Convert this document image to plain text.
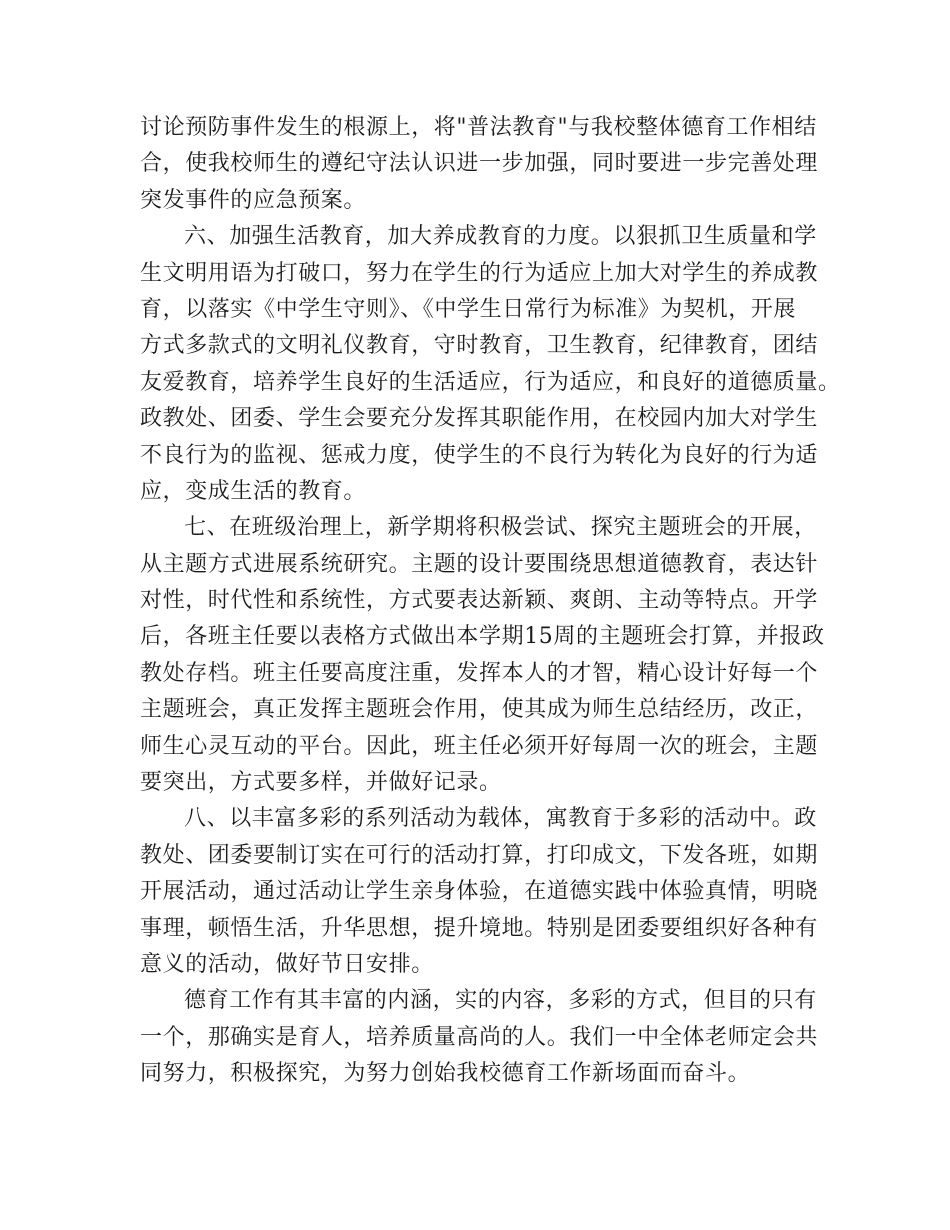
讨论预防事件发生的根源上，将"普法教育"与我校整体德育工作相结
合，使我校师生的遵纪守法认识进一步加强，同时要进一步完善处理
突发事件的应急预案。
六、加强生活教育，加大养成教育的力度。以狠抓卫生质量和学
生文明用语为打破口，努力在学生的行为适应上加大对学生的养成教
育，以落实《中学生守则》、《中学生日常行为标准》为契机，开展
方式多款式的文明礼仪教育，守时教育，卫生教育，纪律教育，团结
友爱教育，培养学生良好的生活适应，行为适应，和良好的道德质量。
政教处、团委、学生会要充分发挥其职能作用，在校园内加大对学生
不良行为的监视、惩戒力度，使学生的不良行为转化为良好的行为适
应，变成生活的教育。
七、在班级治理上，新学期将积极尝试、探究主题班会的开展，
从主题方式进展系统研究。主题的设计要围绕思想道德教育，表达针
对性，时代性和系统性，方式要表达新颖、爽朗、主动等特点。开学
后，各班主任要以表格方式做出本学期15周的主题班会打算，并报政
教处存档。班主任要高度注重，发挥本人的才智，精心设计好每一个
主题班会，真正发挥主题班会作用，使其成为师生总结经历，改正，
师生心灵互动的平台。因此，班主任必须开好每周一次的班会，主题
要突出，方式要多样，并做好记录。
八、以丰富多彩的系列活动为载体，寓教育于多彩的活动中。政
教处、团委要制订实在可行的活动打算，打印成文，下发各班，如期
开展活动，通过活动让学生亲身体验，在道德实践中体验真情，明晓
事理，顿悟生活，升华思想，提升境地。特别是团委要组织好各种有
意义的活动，做好节日安排。
德育工作有其丰富的内涵，实的内容，多彩的方式，但目的只有
一个，那确实是育人，培养质量高尚的人。我们一中全体老师定会共
同努力，积极探究，为努力创始我校德育工作新场面而奋斗。
